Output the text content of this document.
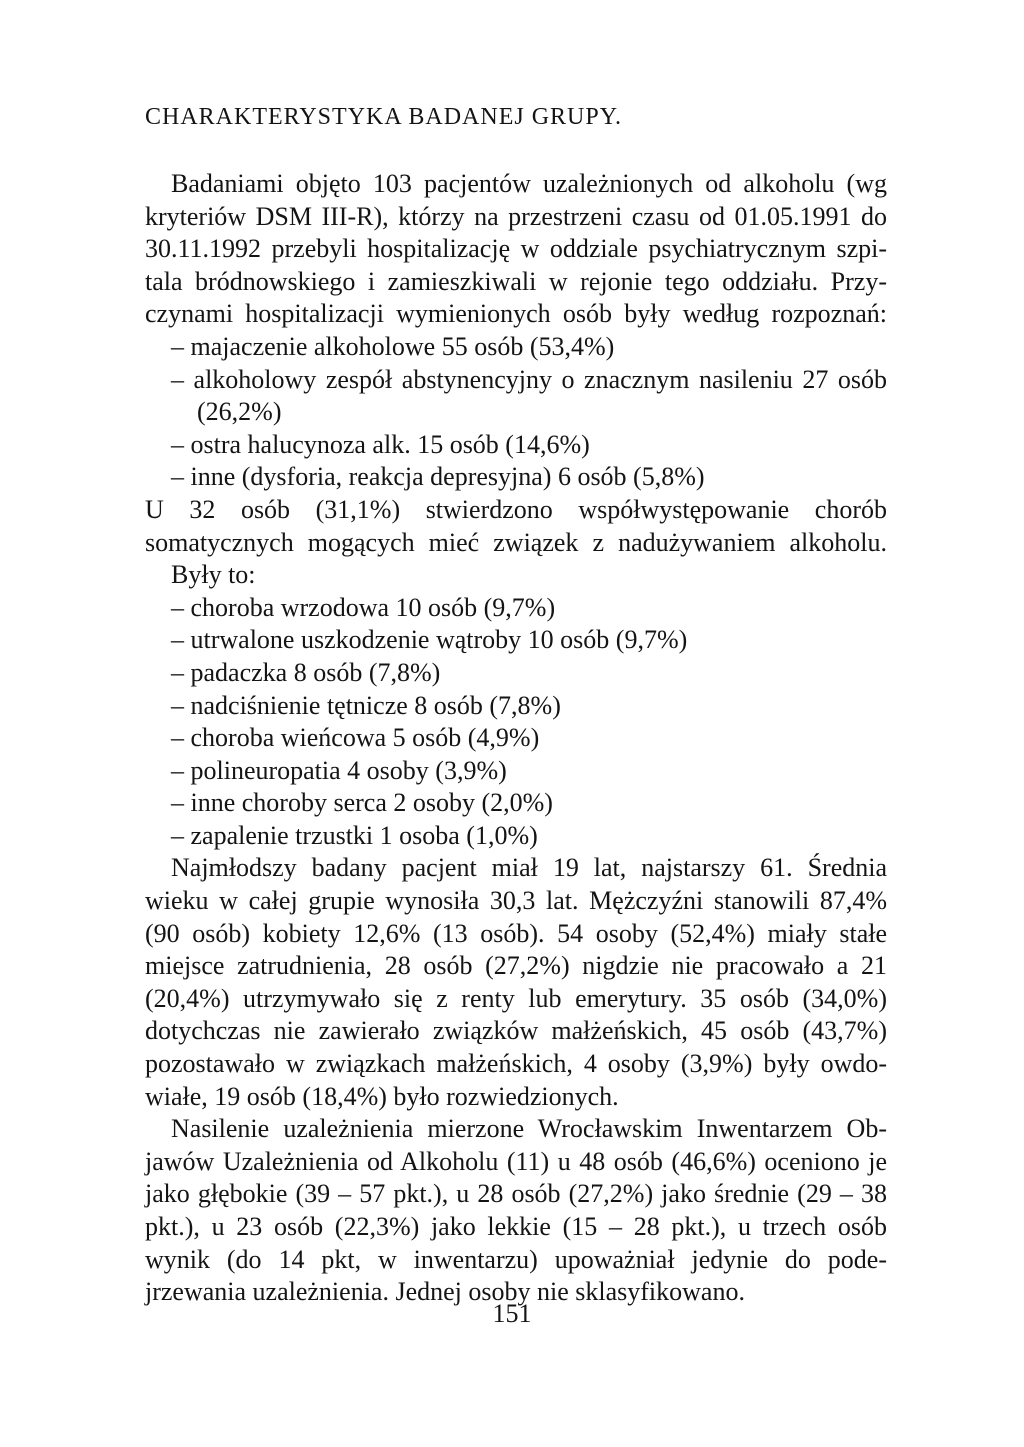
CHARAKTERYSTYKA BADANEJ GRUPY.
Badaniami objęto 103 pacjentów uzależnionych od alkoholu (wg
kryteriów DSM III-R), którzy na przestrzeni czasu od 01.05.1991 do
30.11.1992 przebyli hospitalizację w oddziale psychiatrycznym szpi-
tala bródnowskiego i zamieszkiwali w rejonie tego oddziału. Przy-
czynami hospitalizacji wymienionych osób były według rozpoznań:
– majaczenie alkoholowe 55 osób (53,4%)
– alkoholowy zespół abstynencyjny o znacznym nasileniu 27 osób
(26,2%)
– ostra halucynoza alk. 15 osób (14,6%)
– inne (dysforia, reakcja depresyjna) 6 osób (5,8%)
U 32 osób (31,1%) stwierdzono współwystępowanie chorób
somatycznych mogących mieć związek z nadużywaniem alkoholu.
Były to:
– choroba wrzodowa 10 osób (9,7%)
– utrwalone uszkodzenie wątroby 10 osób (9,7%)
– padaczka 8 osób (7,8%)
– nadciśnienie tętnicze 8 osób (7,8%)
– choroba wieńcowa 5 osób (4,9%)
– polineuropatia 4 osoby (3,9%)
– inne choroby serca 2 osoby (2,0%)
– zapalenie trzustki 1 osoba (1,0%)
Najmłodszy badany pacjent miał 19 lat, najstarszy 61. Średnia
wieku w całej grupie wynosiła 30,3 lat. Mężczyźni stanowili 87,4%
(90 osób) kobiety 12,6% (13 osób). 54 osoby (52,4%) miały stałe
miejsce zatrudnienia, 28 osób (27,2%) nigdzie nie pracowało a 21
(20,4%) utrzymywało się z renty lub emerytury. 35 osób (34,0%)
dotychczas nie zawierało związków małżeńskich, 45 osób (43,7%)
pozostawało w związkach małżeńskich, 4 osoby (3,9%) były owdo-
wiałe, 19 osób (18,4%) było rozwiedzionych.
Nasilenie uzależnienia mierzone Wrocławskim Inwentarzem Ob-
jawów Uzależnienia od Alkoholu (11) u 48 osób (46,6%) oceniono je
jako głębokie (39 – 57 pkt.), u 28 osób (27,2%) jako średnie (29 – 38
pkt.), u 23 osób (22,3%) jako lekkie (15 – 28 pkt.), u trzech osób
wynik (do 14 pkt, w inwentarzu) upoważniał jedynie do pode-
jrzewania uzależnienia. Jednej osoby nie sklasyfikowano.
151
